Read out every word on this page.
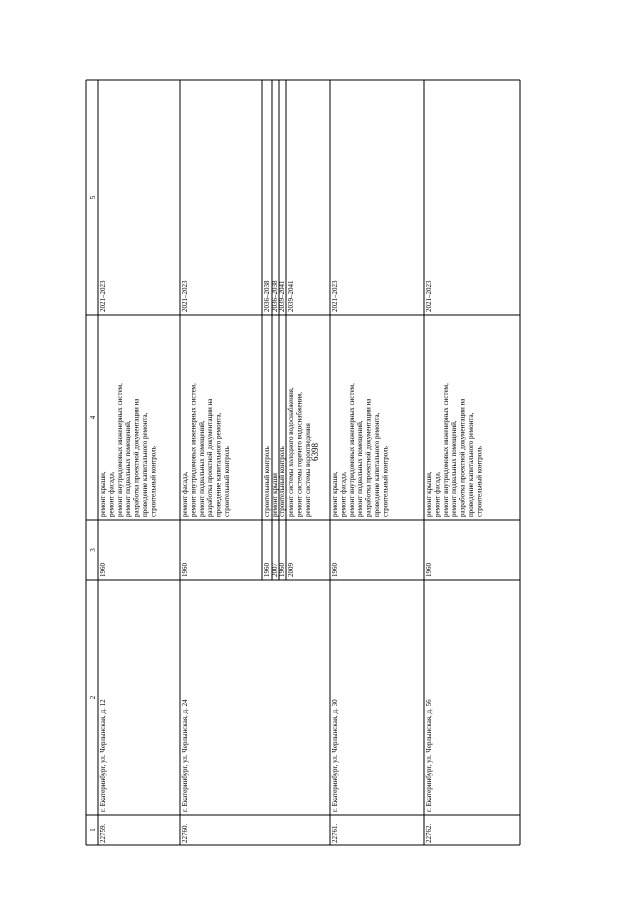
6398
1
2
3
4
5
22759.
г. Екатеринбург, ул. Черлынская, д. 12
1960
ремонт крыши, ремонт фасада, ремонт внутридомовых инженерных систем, ремонт подвальных помещений, разработка проектной документации на проведение капитального ремонта, строительный контроль
2021–2023
22760.
г. Екатеринбург, ул. Черлынская, д. 24
1960
ремонт фасада, ремонт внутридомовых инженерных систем, ремонт подвальных помещений, разработка проектной документации на проведение капитального ремонта, строительный контроль
2021–2023
1960
строительный контроль
2036–2038
2007
ремонт крыши
2036–2038
1960
строительный контроль
2039–2041
2009
ремонт системы холодного водоснабжения, ремонт системы горячего водоснабжения, ремонт системы водоотведения
2039–2041
22761.
г. Екатеринбург, ул. Черлынская, д. 30
1960
ремонт крыши, ремонт фасада, ремонт внутридомовых инженерных систем, ремонт подвальных помещений, разработка проектной документации на проведение капитального ремонта, строительный контроль
2021–2023
22762.
г. Екатеринбург, ул. Черлынская, д. 56
1960
ремонт крыши, ремонт фасада, ремонт внутридомовых инженерных систем, ремонт подвальных помещений, разработка проектной документации на проведение капитального ремонта, строительный контроль
2021–2023
